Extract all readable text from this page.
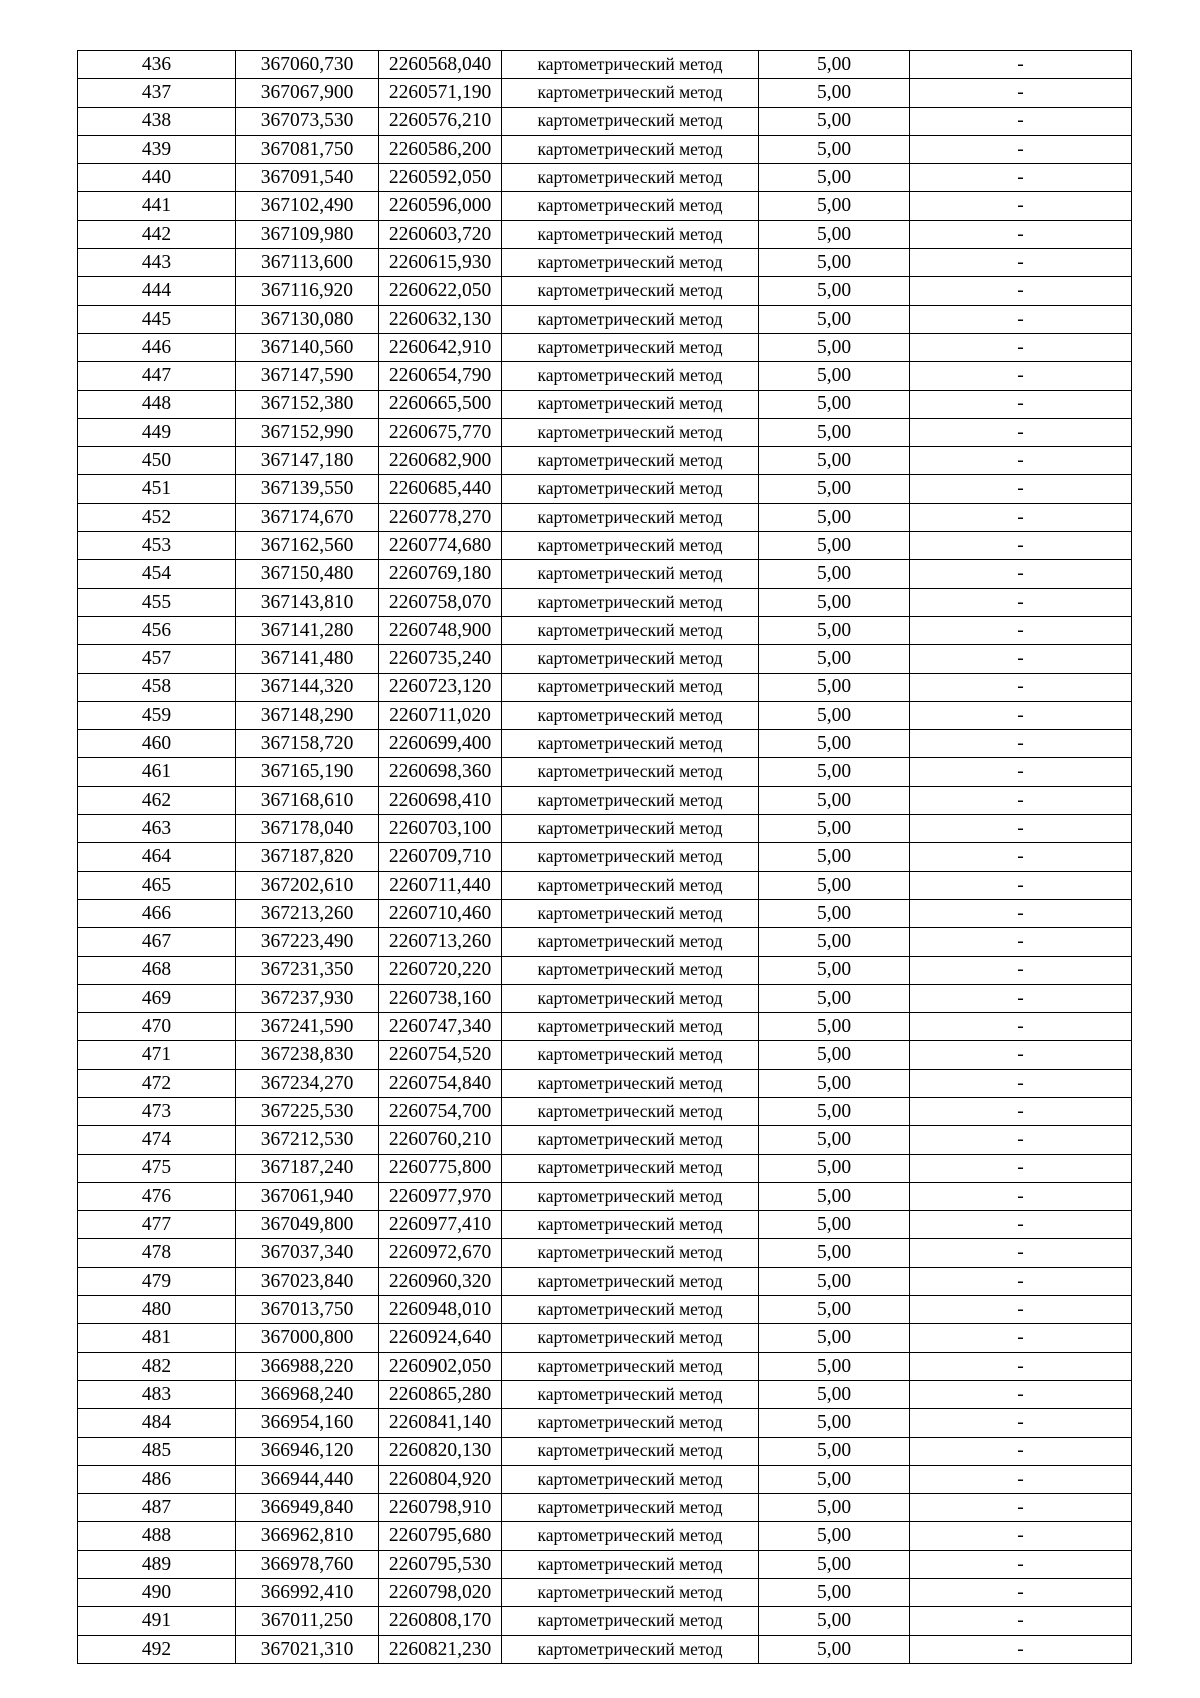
436	367060,730	2260568,040	картометрический метод	5,00	-
437	367067,900	2260571,190	картометрический метод	5,00	-
438	367073,530	2260576,210	картометрический метод	5,00	-
439	367081,750	2260586,200	картометрический метод	5,00	-
440	367091,540	2260592,050	картометрический метод	5,00	-
441	367102,490	2260596,000	картометрический метод	5,00	-
442	367109,980	2260603,720	картометрический метод	5,00	-
443	367113,600	2260615,930	картометрический метод	5,00	-
444	367116,920	2260622,050	картометрический метод	5,00	-
445	367130,080	2260632,130	картометрический метод	5,00	-
446	367140,560	2260642,910	картометрический метод	5,00	-
447	367147,590	2260654,790	картометрический метод	5,00	-
448	367152,380	2260665,500	картометрический метод	5,00	-
449	367152,990	2260675,770	картометрический метод	5,00	-
450	367147,180	2260682,900	картометрический метод	5,00	-
451	367139,550	2260685,440	картометрический метод	5,00	-
452	367174,670	2260778,270	картометрический метод	5,00	-
453	367162,560	2260774,680	картометрический метод	5,00	-
454	367150,480	2260769,180	картометрический метод	5,00	-
455	367143,810	2260758,070	картометрический метод	5,00	-
456	367141,280	2260748,900	картометрический метод	5,00	-
457	367141,480	2260735,240	картометрический метод	5,00	-
458	367144,320	2260723,120	картометрический метод	5,00	-
459	367148,290	2260711,020	картометрический метод	5,00	-
460	367158,720	2260699,400	картометрический метод	5,00	-
461	367165,190	2260698,360	картометрический метод	5,00	-
462	367168,610	2260698,410	картометрический метод	5,00	-
463	367178,040	2260703,100	картометрический метод	5,00	-
464	367187,820	2260709,710	картометрический метод	5,00	-
465	367202,610	2260711,440	картометрический метод	5,00	-
466	367213,260	2260710,460	картометрический метод	5,00	-
467	367223,490	2260713,260	картометрический метод	5,00	-
468	367231,350	2260720,220	картометрический метод	5,00	-
469	367237,930	2260738,160	картометрический метод	5,00	-
470	367241,590	2260747,340	картометрический метод	5,00	-
471	367238,830	2260754,520	картометрический метод	5,00	-
472	367234,270	2260754,840	картометрический метод	5,00	-
473	367225,530	2260754,700	картометрический метод	5,00	-
474	367212,530	2260760,210	картометрический метод	5,00	-
475	367187,240	2260775,800	картометрический метод	5,00	-
476	367061,940	2260977,970	картометрический метод	5,00	-
477	367049,800	2260977,410	картометрический метод	5,00	-
478	367037,340	2260972,670	картометрический метод	5,00	-
479	367023,840	2260960,320	картометрический метод	5,00	-
480	367013,750	2260948,010	картометрический метод	5,00	-
481	367000,800	2260924,640	картометрический метод	5,00	-
482	366988,220	2260902,050	картометрический метод	5,00	-
483	366968,240	2260865,280	картометрический метод	5,00	-
484	366954,160	2260841,140	картометрический метод	5,00	-
485	366946,120	2260820,130	картометрический метод	5,00	-
486	366944,440	2260804,920	картометрический метод	5,00	-
487	366949,840	2260798,910	картометрический метод	5,00	-
488	366962,810	2260795,680	картометрический метод	5,00	-
489	366978,760	2260795,530	картометрический метод	5,00	-
490	366992,410	2260798,020	картометрический метод	5,00	-
491	367011,250	2260808,170	картометрический метод	5,00	-
492	367021,310	2260821,230	картометрический метод	5,00	-
